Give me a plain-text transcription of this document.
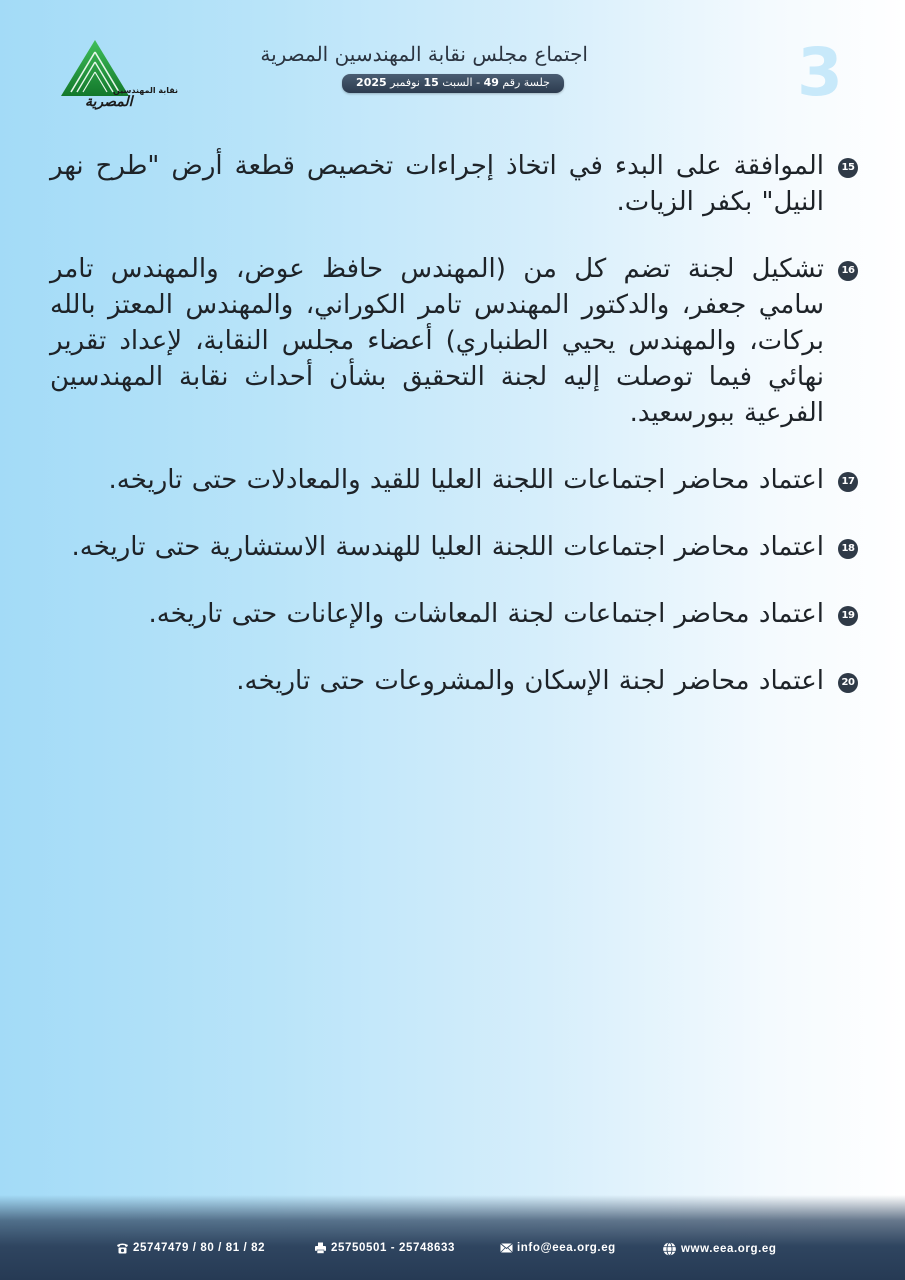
نقابة المهندسين
المصرية
اجتماع مجلس نقابة المهندسين المصرية
جلسة رقم 49 - السبت 15 نوفمبر 2025	3
15
الموافقة على البدء في اتخاذ إجراءات تخصيص قطعة أرض "طرح نهر النيل" بكفر الزيات.
16
تشكيل لجنة تضم كل من (المهندس حافظ عوض، والمهندس تامر سامي جعفر، والدكتور المهندس تامر الكوراني، والمهندس المعتز بالله بركات، والمهندس يحيي الطنباري) أعضاء مجلس النقابة، لإعداد تقرير نهائي فيما توصلت إليه لجنة التحقيق بشأن أحداث نقابة المهندسين الفرعية ببورسعيد.
17
اعتماد محاضر اجتماعات اللجنة العليا للقيد والمعادلات حتى تاريخه.
18
اعتماد محاضر اجتماعات اللجنة العليا للهندسة الاستشارية حتى تاريخه.
19
اعتماد محاضر اجتماعات لجنة المعاشات والإعانات حتى تاريخه.
20
اعتماد محاضر لجنة الإسكان والمشروعات حتى تاريخه.
25747479 / 80 / 81 / 82	25750501 - 25748633	info@eea.org.eg	www.eea.org.eg
